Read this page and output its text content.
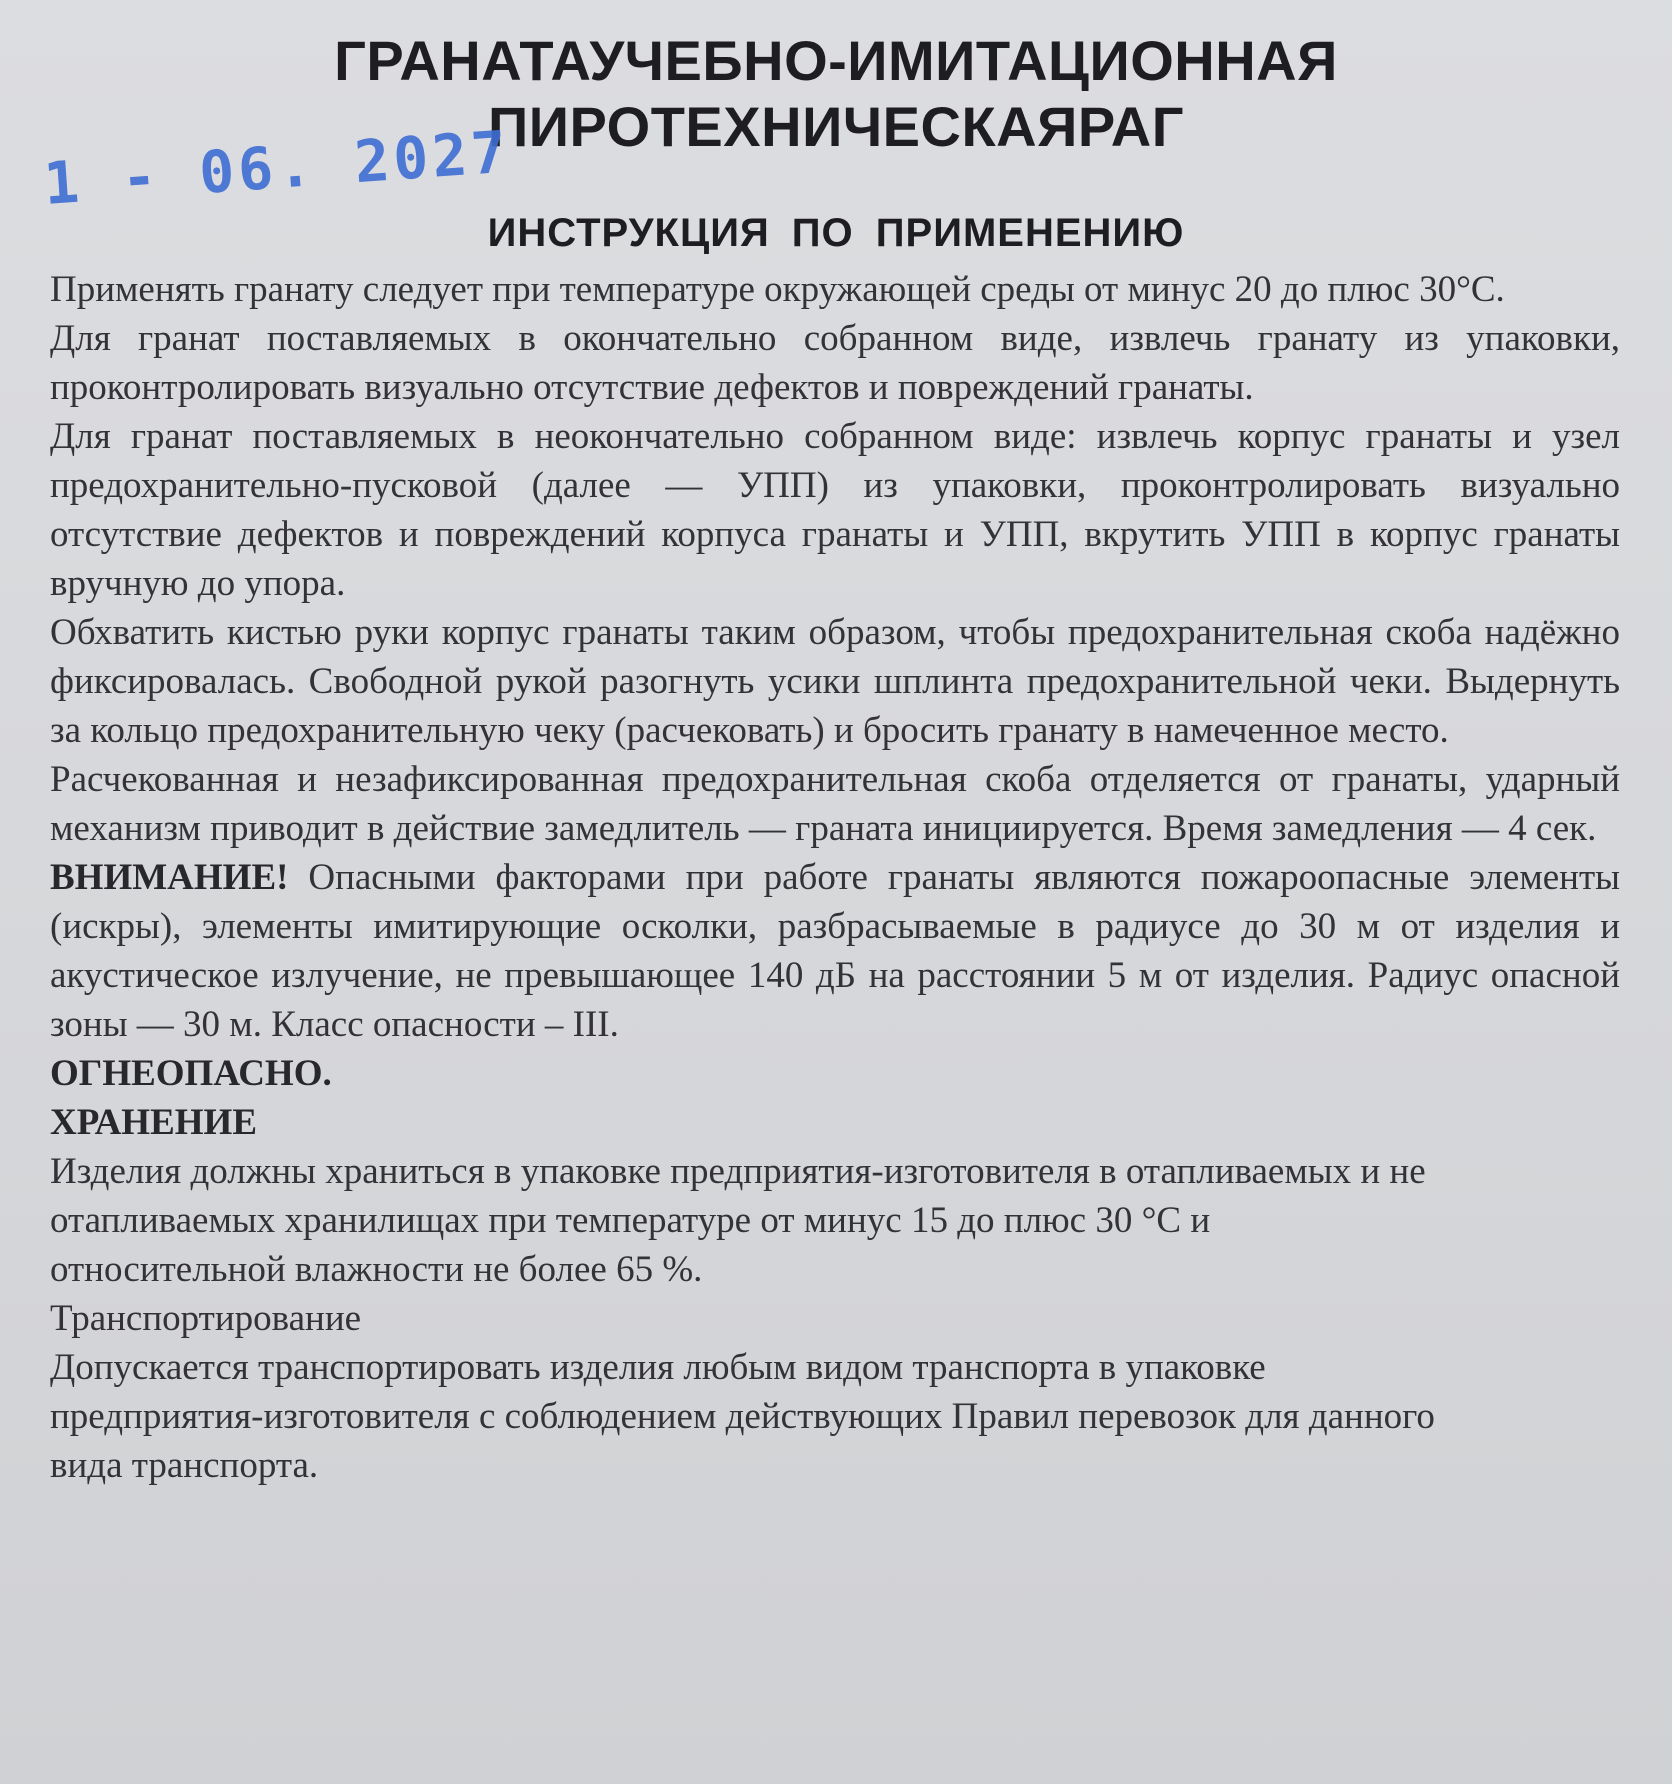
ГРАНАТАУЧЕБНО-ИМИТАЦИОННАЯ
ПИРОТЕХНИЧЕСКАЯРАГ
1 - 06. 2027
ИНСТРУКЦИЯ ПО ПРИМЕНЕНИЮ

Применять гранату следует при температуре окружающей среды от минус 20 до плюс 30°С.

Для гранат поставляемых в окончательно собранном виде, извлечь гранату из упаковки, проконтролировать визуально отсутствие дефектов и повреждений гранаты.

Для гранат поставляемых в неокончательно собранном виде: извлечь корпус гранаты и узел предохранительно-пусковой (далее — УПП) из упаковки, проконтролировать визуально отсутствие дефектов и повреждений корпуса гранаты и УПП, вкрутить УПП в корпус гранаты вручную до упора.

Обхватить кистью руки корпус гранаты таким образом, чтобы предохранительная скоба надёжно фиксировалась. Свободной рукой разогнуть усики шплинта предохранительной чеки. Выдернуть за кольцо предохранительную чеку (расчековать) и бросить гранату в намеченное место.

Расчекованная и незафиксированная предохранительная скоба отделяется от гранаты, ударный механизм приводит в действие замедлитель — граната инициируется. Время замедления — 4 сек.

ВНИМАНИЕ! Опасными факторами при работе гранаты являются пожароопасные элементы (искры), элементы имитирующие осколки, разбрасываемые в радиусе до 30 м от изделия и акустическое излучение, не превышающее 140 дБ на расстоянии 5 м от изделия. Радиус опасной зоны — 30 м. Класс опасности – III.

ОГНЕОПАСНО.

ХРАНЕНИЕ

Изделия должны храниться в упаковке предприятия-изготовителя в отапливаемых и не
отапливаемых хранилищах при температуре от минус 15 до плюс 30 °С и
относительной влажности не более 65 %.

Транспортирование

Допускается транспортировать изделия любым видом транспорта в упаковке
предприятия-изготовителя с соблюдением действующих Правил перевозок для данного
вида транспорта.
